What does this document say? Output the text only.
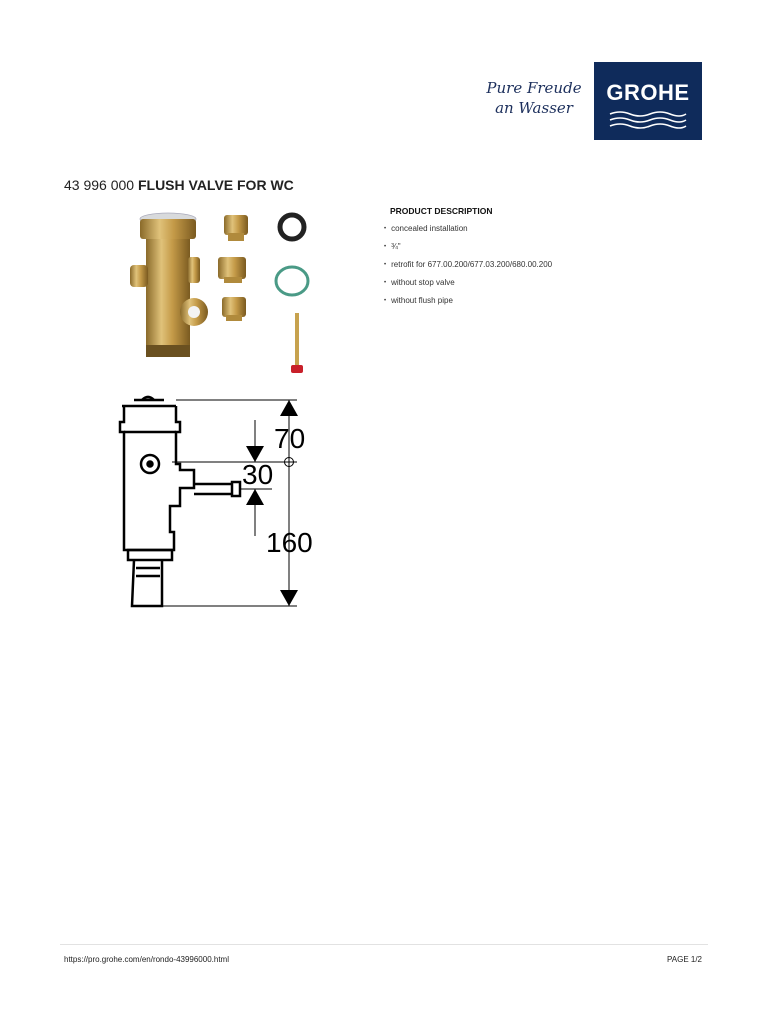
Pure Freude
an Wasser
GROHE
43 996 000 FLUSH VALVE FOR WC
70
30
160
PRODUCT DESCRIPTION
• concealed installation
• ¾"
• retrofit for 677.00.200/677.03.200/680.00.200
• without stop valve
• without flush pipe
https://pro.grohe.com/en/rondo-43996000.html	PAGE 1/2
